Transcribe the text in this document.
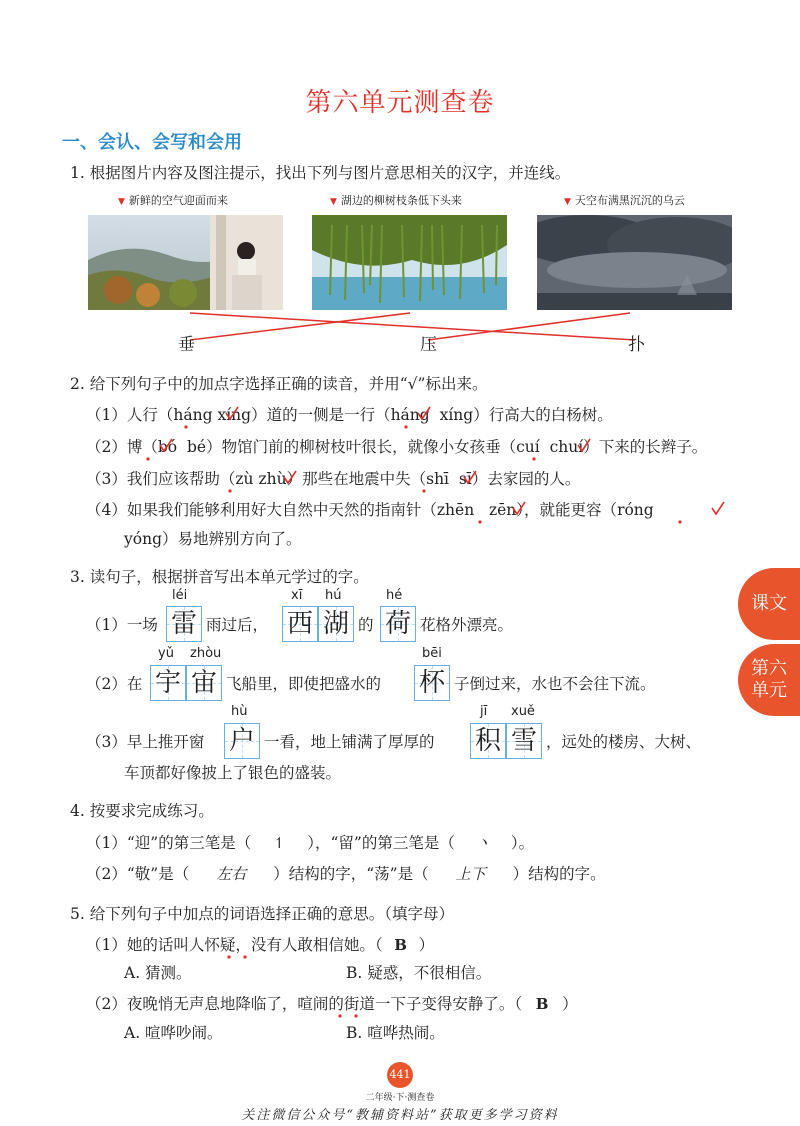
第六单元测查卷
一、会认、会写和会用
1. 根据图片内容及图注提示，找出下列与图片意思相关的汉字，并连线。
▼ 新鲜的空气迎面而来	▼ 湖边的柳树枝条低下头来	▼ 天空布满黑沉沉的乌云
垂	压	扑
2. 给下列句子中的加点字选择正确的读音，并用“√”标出来。
（1）人行（háng xíng）道的一侧是一行（háng xíng）行高大的白杨树。
（2）博（bó bé）物馆门前的柳树枝叶很长，就像小女孩垂（cuí chuí）下来的长辫子。
（3）我们应该帮助（zù zhù）那些在地震中失（shī sī）去家园的人。
（4）如果我们能够利用好大自然中天然的指南针（zhēn zēn），就能更容（róng
yóng）易地辨别方向了。
3. 读句子，根据拼音写出本单元学过的字。
léi	xī hú	hé
（1）一场 雷 雨过后， 西 湖 的 荷 花格外漂亮。
yǔ zhòu	bēi
（2）在 宇 宙 飞船里，即使把盛水的 杯 子倒过来，水也不会往下流。
hù	jī xuě
（3）早上推开窗 户 一看，地上铺满了厚厚的 积 雪 ，远处的楼房、大树、
车顶都好像披上了银色的盛装。
4. 按要求完成练习。
（1）“迎”的第三笔是（ ↿ ），“留”的第三笔是（ 丶 ）。
（2）“敬”是（ 左右 ）结构的字，“荡”是（ 上下 ）结构的字。
5. 给下列句子中加点的词语选择正确的意思。（填字母）
（1）她的话叫人怀疑，没有人敢相信她。（ B ）
A. 猜测。	B. 疑惑，不很相信。
（2）夜晚悄无声息地降临了，喧闹的街道一下子变得安静了。（ B ）
A. 喧哗吵闹。	B. 喧哗热闹。
课文
第六单元
441
二年级·下·测查卷
关注微信公众号“教辅资料站”获取更多学习资料
